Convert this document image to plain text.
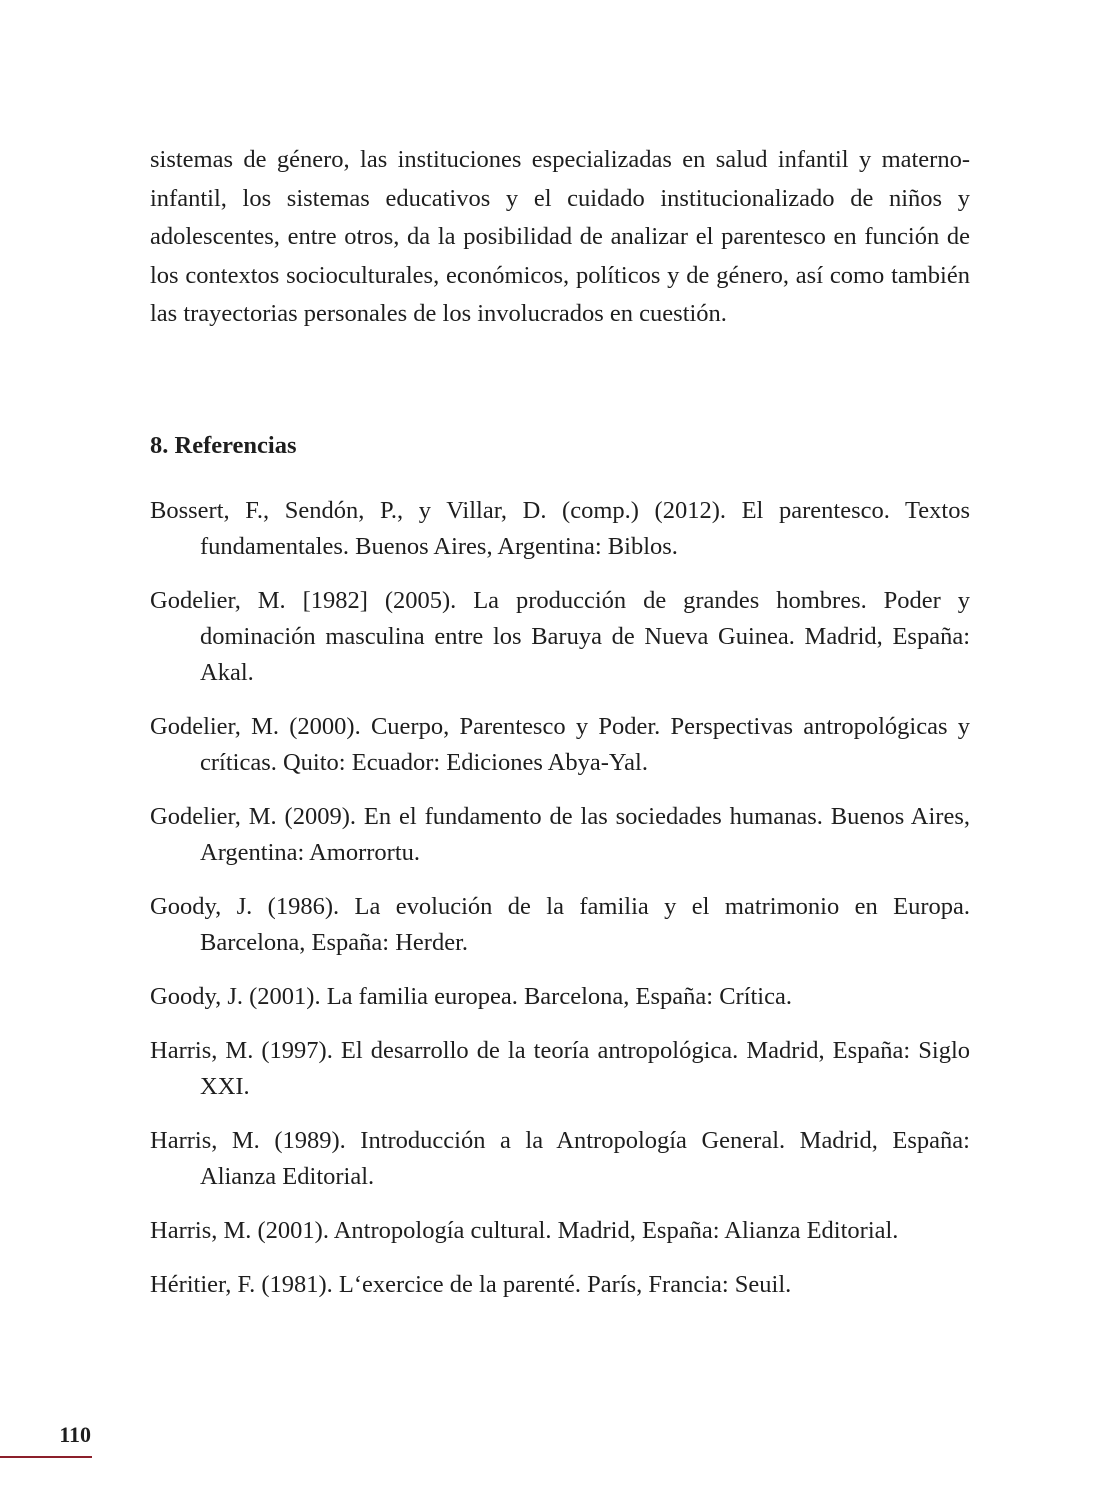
sistemas de género, las instituciones especializadas en salud infantil y materno-infantil, los sistemas educativos y el cuidado institucionalizado de niños y adolescentes, entre otros, da la posibilidad de analizar el parentesco en función de los contextos socioculturales, económicos, políticos y de género, así como también las trayectorias personales de los involucrados en cuestión.

8. Referencias
Bossert, F., Sendón, P., y Villar, D. (comp.) (2012). El parentesco. Textos fundamentales. Buenos Aires, Argentina: Biblos.
Godelier, M. [1982] (2005). La producción de grandes hombres. Poder y dominación masculina entre los Baruya de Nueva Guinea. Madrid, España: Akal.
Godelier, M. (2000). Cuerpo, Parentesco y Poder. Perspectivas antropológicas y críticas. Quito: Ecuador: Ediciones Abya-Yal.
Godelier, M. (2009). En el fundamento de las sociedades humanas. Buenos Aires, Argentina: Amorrortu.
Goody, J. (1986). La evolución de la familia y el matrimonio en Europa. Barcelona, España: Herder.
Goody, J. (2001). La familia europea. Barcelona, España: Crítica.
Harris, M. (1997). El desarrollo de la teoría antropológica. Madrid, España: Siglo XXI.
Harris, M. (1989). Introducción a la Antropología General. Madrid, España: Alianza Editorial.
Harris, M. (2001). Antropología cultural. Madrid, España: Alianza Editorial.
Héritier, F. (1981). L‘exercice de la parenté. París, Francia: Seuil.
110
